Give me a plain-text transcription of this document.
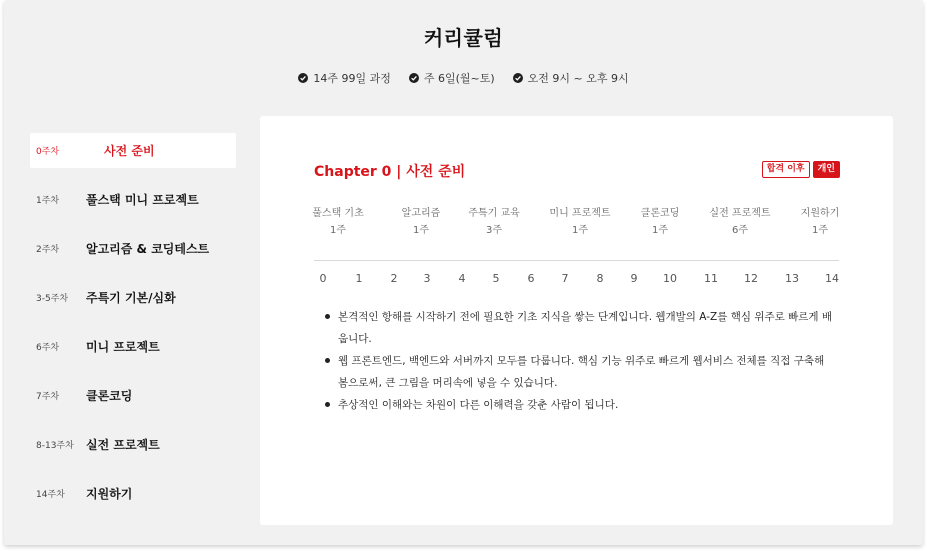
커리큘럼
14주 99일 과정	주 6일(월~토)	오전 9시 ~ 오후 9시
0주차	사전 준비
1주차	풀스택 미니 프로젝트
2주차	알고리즘 & 코딩테스트
3-5주차	주특기 기본/심화
6주차	미니 프로젝트
7주차	클론코딩
8-13주차	실전 프로젝트
14주차	지원하기
Chapter 0 | 사전 준비	합격 이후	개인
풀스택 기초
1주
알고리즘
1주
주특기 교육
3주
미니 프로젝트
1주
클론코딩
1주
실전 프로젝트
6주
지원하기
1주
0	1	2 3	4 5	6 7	8 9 10 11 12 13 14
본격적인 항해를 시작하기 전에 필요한 기초 지식을 쌓는 단계입니다. 웹개발의 A-Z를 핵심 위주로 빠르게 배웁니다.
웹 프론트엔드, 백엔드와 서버까지 모두를 다룹니다. 핵심 기능 위주로 빠르게 웹서비스 전체를 직접 구축해봄으로써, 큰 그림을 머리속에 넣을 수 있습니다.
추상적인 이해와는 차원이 다른 이해력을 갖춘 사람이 됩니다.
